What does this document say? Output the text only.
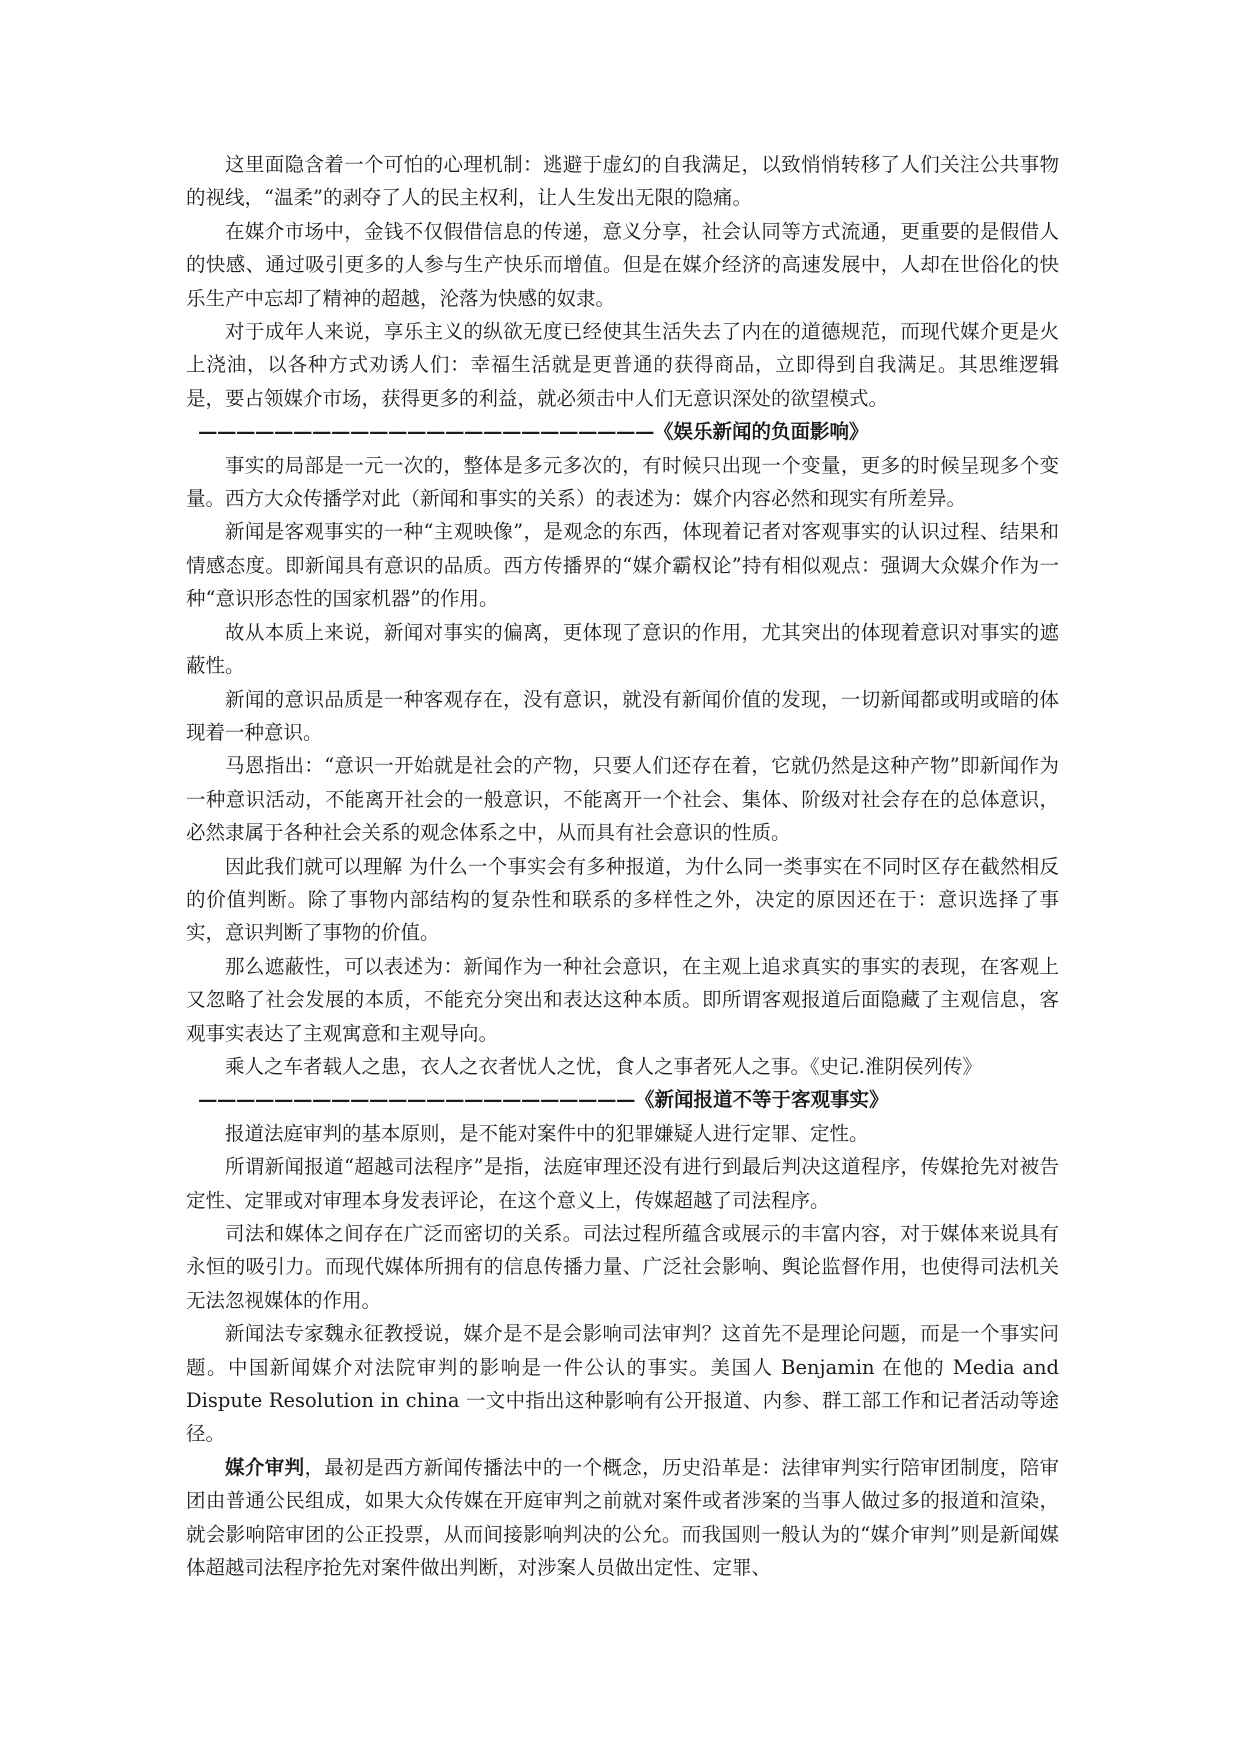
这里面隐含着一个可怕的心理机制：逃避于虚幻的自我满足，以致悄悄转移了人们关注公共事物的视线，“温柔”的剥夺了人的民主权利，让人生发出无限的隐痛。

在媒介市场中，金钱不仅假借信息的传递，意义分享，社会认同等方式流通，更重要的是假借人的快感、通过吸引更多的人参与生产快乐而增值。但是在媒介经济的高速发展中，人却在世俗化的快乐生产中忘却了精神的超越，沦落为快感的奴隶。

对于成年人来说，享乐主义的纵欲无度已经使其生活失去了内在的道德规范，而现代媒介更是火上浇油，以各种方式劝诱人们：幸福生活就是更普通的获得商品，立即得到自我满足。其思维逻辑是，要占领媒介市场，获得更多的利益，就必须击中人们无意识深处的欲望模式。

————————————————————————《娱乐新闻的负面影响》

事实的局部是一元一次的，整体是多元多次的，有时候只出现一个变量，更多的时候呈现多个变量。西方大众传播学对此（新闻和事实的关系）的表述为：媒介内容必然和现实有所差异。

新闻是客观事实的一种“主观映像”，是观念的东西，体现着记者对客观事实的认识过程、结果和情感态度。即新闻具有意识的品质。西方传播界的“媒介霸权论”持有相似观点：强调大众媒介作为一种“意识形态性的国家机器”的作用。

故从本质上来说，新闻对事实的偏离，更体现了意识的作用，尤其突出的体现着意识对事实的遮蔽性。

新闻的意识品质是一种客观存在，没有意识，就没有新闻价值的发现，一切新闻都或明或暗的体现着一种意识。

马恩指出：“意识一开始就是社会的产物，只要人们还存在着，它就仍然是这种产物”即新闻作为一种意识活动，不能离开社会的一般意识，不能离开一个社会、集体、阶级对社会存在的总体意识，必然隶属于各种社会关系的观念体系之中，从而具有社会意识的性质。

因此我们就可以理解 为什么一个事实会有多种报道，为什么同一类事实在不同时区存在截然相反的价值判断。除了事物内部结构的复杂性和联系的多样性之外，决定的原因还在于：意识选择了事实，意识判断了事物的价值。

那么遮蔽性，可以表述为：新闻作为一种社会意识，在主观上追求真实的事实的表现，在客观上又忽略了社会发展的本质，不能充分突出和表达这种本质。即所谓客观报道后面隐藏了主观信息，客观事实表达了主观寓意和主观导向。

乘人之车者载人之患，衣人之衣者忧人之忧，食人之事者死人之事。《史记.淮阴侯列传》

———————————————————————《新闻报道不等于客观事实》

报道法庭审判的基本原则，是不能对案件中的犯罪嫌疑人进行定罪、定性。

所谓新闻报道“超越司法程序”是指，法庭审理还没有进行到最后判决这道程序，传媒抢先对被告定性、定罪或对审理本身发表评论，在这个意义上，传媒超越了司法程序。

司法和媒体之间存在广泛而密切的关系。司法过程所蕴含或展示的丰富内容，对于媒体来说具有永恒的吸引力。而现代媒体所拥有的信息传播力量、广泛社会影响、舆论监督作用，也使得司法机关无法忽视媒体的作用。

新闻法专家魏永征教授说，媒介是不是会影响司法审判？这首先不是理论问题，而是一个事实问题。中国新闻媒介对法院审判的影响是一件公认的事实。美国人 Benjamin 在他的 Media and Dispute Resolution in china 一文中指出这种影响有公开报道、内参、群工部工作和记者活动等途径。

媒介审判，最初是西方新闻传播法中的一个概念，历史沿革是：法律审判实行陪审团制度，陪审团由普通公民组成，如果大众传媒在开庭审判之前就对案件或者涉案的当事人做过多的报道和渲染，就会影响陪审团的公正投票，从而间接影响判决的公允。而我国则一般认为的“媒介审判”则是新闻媒体超越司法程序抢先对案件做出判断，对涉案人员做出定性、定罪、
